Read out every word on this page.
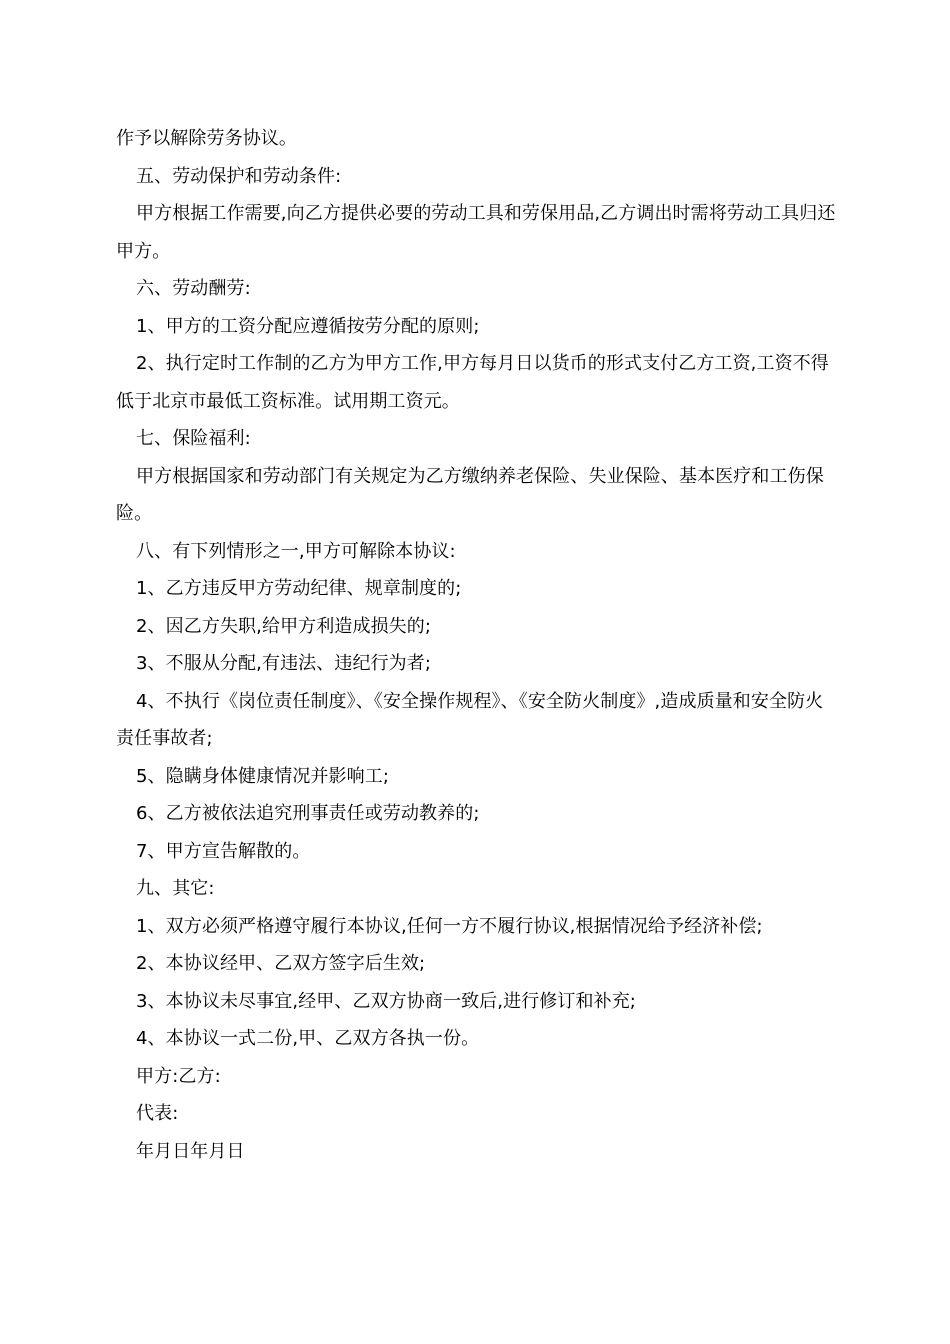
作予以解除劳务协议。

五、劳动保护和劳动条件:

甲方根据工作需要,向乙方提供必要的劳动工具和劳保用品,乙方调出时需将劳动工具归还甲方。

六、劳动酬劳:

1、甲方的工资分配应遵循按劳分配的原则;

2、执行定时工作制的乙方为甲方工作,甲方每月日以货币的形式支付乙方工资,工资不得低于北京市最低工资标准。试用期工资元。

七、保险福利:

甲方根据国家和劳动部门有关规定为乙方缴纳养老保险、失业保险、基本医疗和工伤保险。

八、有下列情形之一,甲方可解除本协议:

1、乙方违反甲方劳动纪律、规章制度的;

2、因乙方失职,给甲方利造成损失的;

3、不服从分配,有违法、违纪行为者;

4、不执行《岗位责任制度》、《安全操作规程》、《安全防火制度》,造成质量和安全防火责任事故者;

5、隐瞒身体健康情况并影响工;

6、乙方被依法追究刑事责任或劳动教养的;

7、甲方宣告解散的。

九、其它:

1、双方必须严格遵守履行本协议,任何一方不履行协议,根据情况给予经济补偿;

2、本协议经甲、乙双方签字后生效;

3、本协议未尽事宜,经甲、乙双方协商一致后,进行修订和补充;

4、本协议一式二份,甲、乙双方各执一份。

甲方:乙方:

代表:

年月日年月日
